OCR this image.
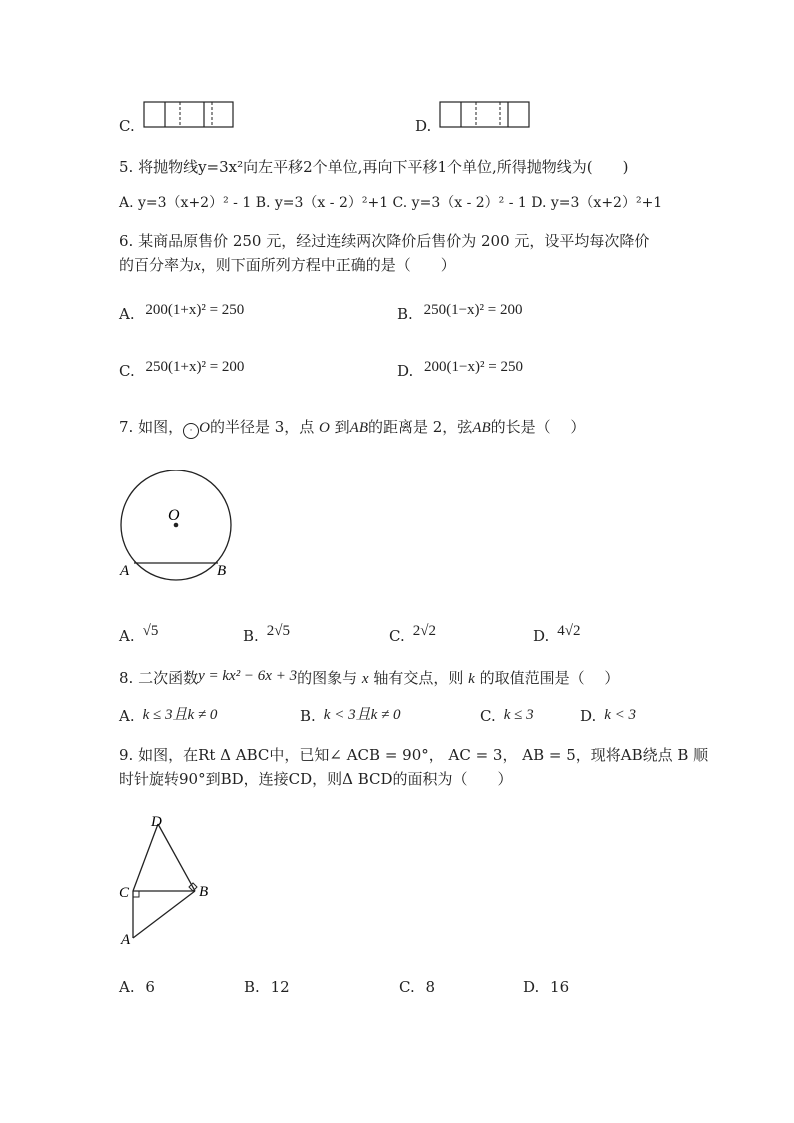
C.	D.
5. 将抛物线y=3x²向左平移2个单位,再向下平移1个单位,所得抛物线为(　　)
A. y=3（x+2）² - 1 B. y=3（x - 2）²+1 C. y=3（x - 2）² - 1 D. y=3（x+2）²+1
6. 某商品原售价 250 元，经过连续两次降价后售价为 200 元，设平均每次降价
的百分率为x，则下面所列方程中正确的是（　　）
A. 200(1+x)² = 250	B. 250(1−x)² = 200
C. 250(1+x)² = 200	D. 200(1−x)² = 250
7. 如图， · O的半径是 3，点 O 到AB的距离是 2，弦AB的长是（　 ）
O
A	B
A. √5	B. 2√5	C. 2√2	D. 4√2
8. 二次函数y = kx² − 6x + 3的图象与 x 轴有交点，则 k 的取值范围是（　 ）
A. k ≤ 3且k ≠ 0	B. k < 3且k ≠ 0	C. k ≤ 3	D. k < 3
9. 如图，在Rt Δ ABC中，已知∠ ACB = 90°， AC = 3， AB = 5，现将AB绕点 B 顺
时针旋转90°到BD，连接CD，则Δ BCD的面积为（　　）
D
C	B
A
A. 6	B. 12	C. 8	D. 16
